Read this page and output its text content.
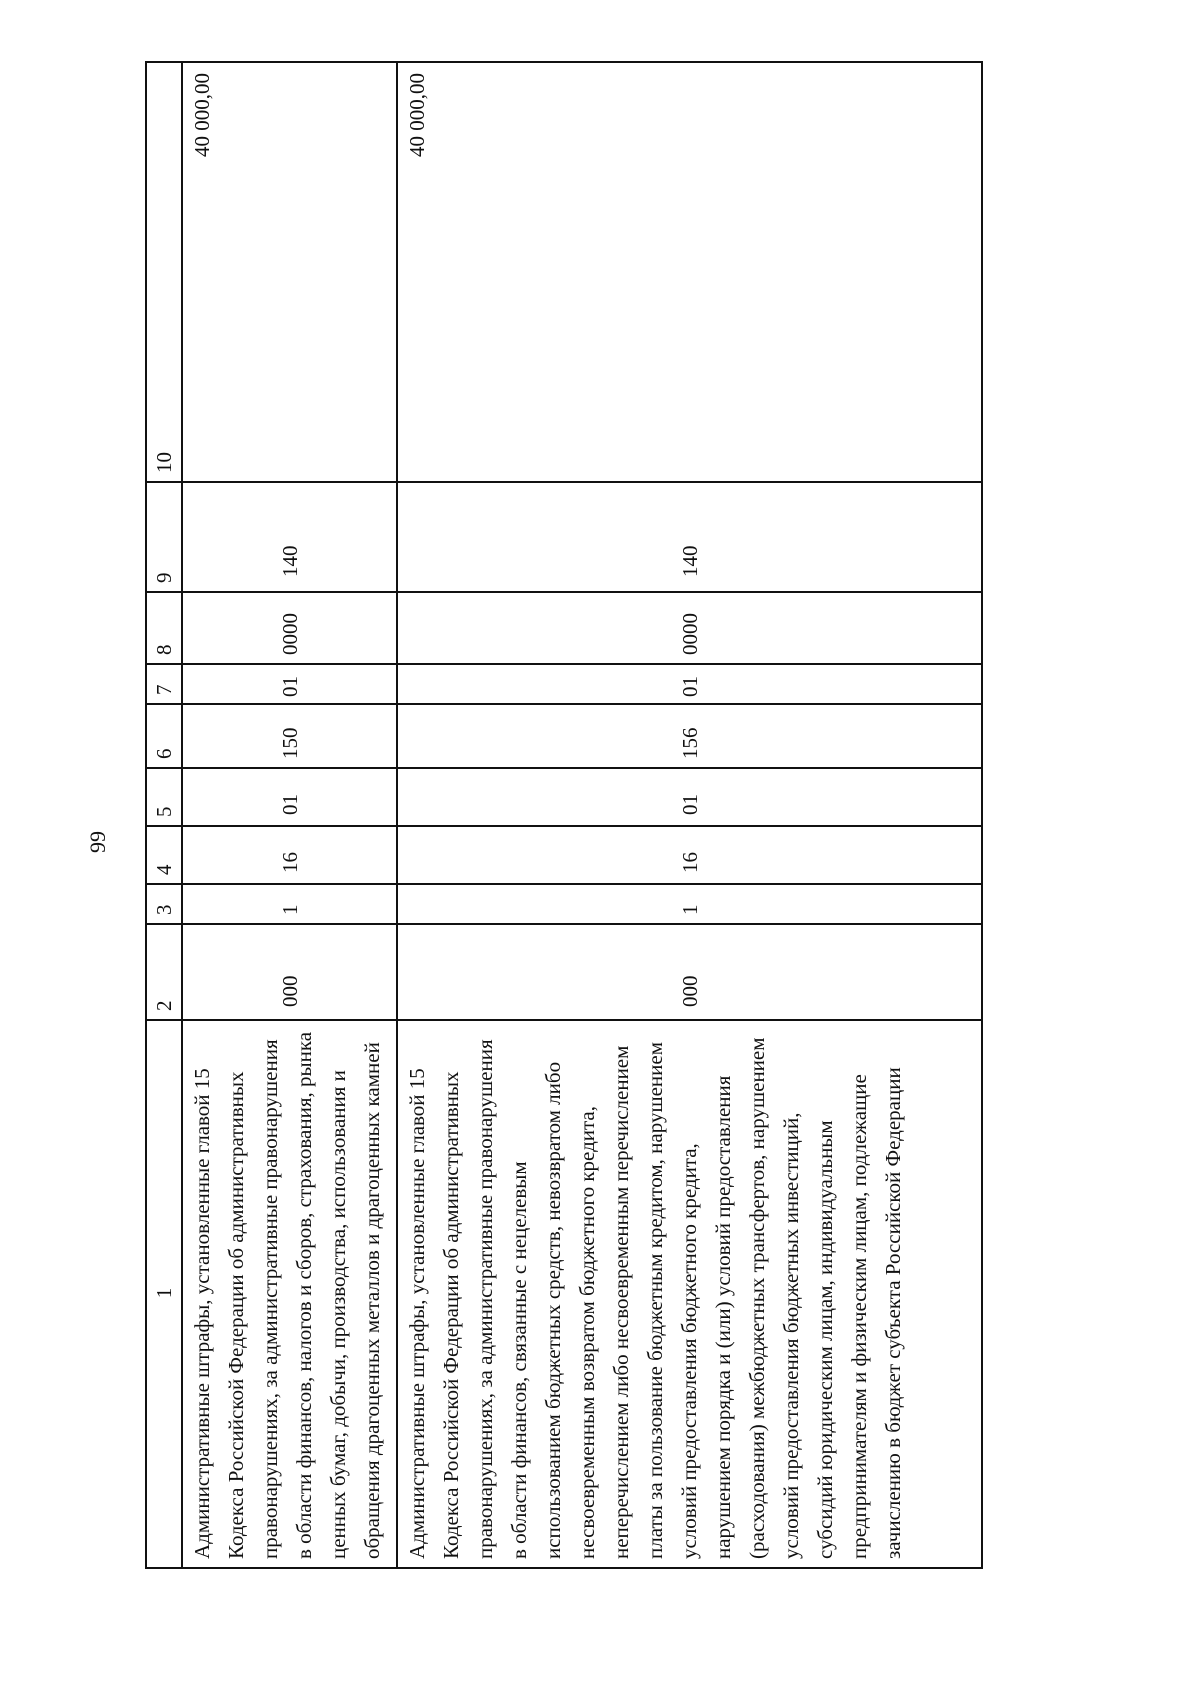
99
1	2	3	4	5	6	7	8	9	10
Административные штрафы, установленные главой 15 Кодекса Российской Федерации об административных правонарушениях, за административные правонарушения в области финансов, налогов и сборов, страхования, рынка ценных бумаг, добычи, производства, использования и обращения драгоценных металлов и драгоценных камней	000	1	16	01	150	01	0000	140	40 000,00
Административные штрафы, установленные главой 15 Кодекса Российской Федерации об административных правонарушениях, за административные правонарушения в области финансов, связанные с нецелевым использованием бюджетных средств, невозвратом либо несвоевременным возвратом бюджетного кредита, неперечислением либо несвоевременным перечислением платы за пользование бюджетным кредитом, нарушением условий предоставления бюджетного кредита, нарушением порядка и (или) условий предоставления (расходования) межбюджетных трансфертов, нарушением условий предоставления бюджетных инвестиций, субсидий юридическим лицам, индивидуальным предпринимателям и физическим лицам, подлежащие зачислению в бюджет субъекта Российской Федерации	000	1	16	01	156	01	0000	140	40 000,00
